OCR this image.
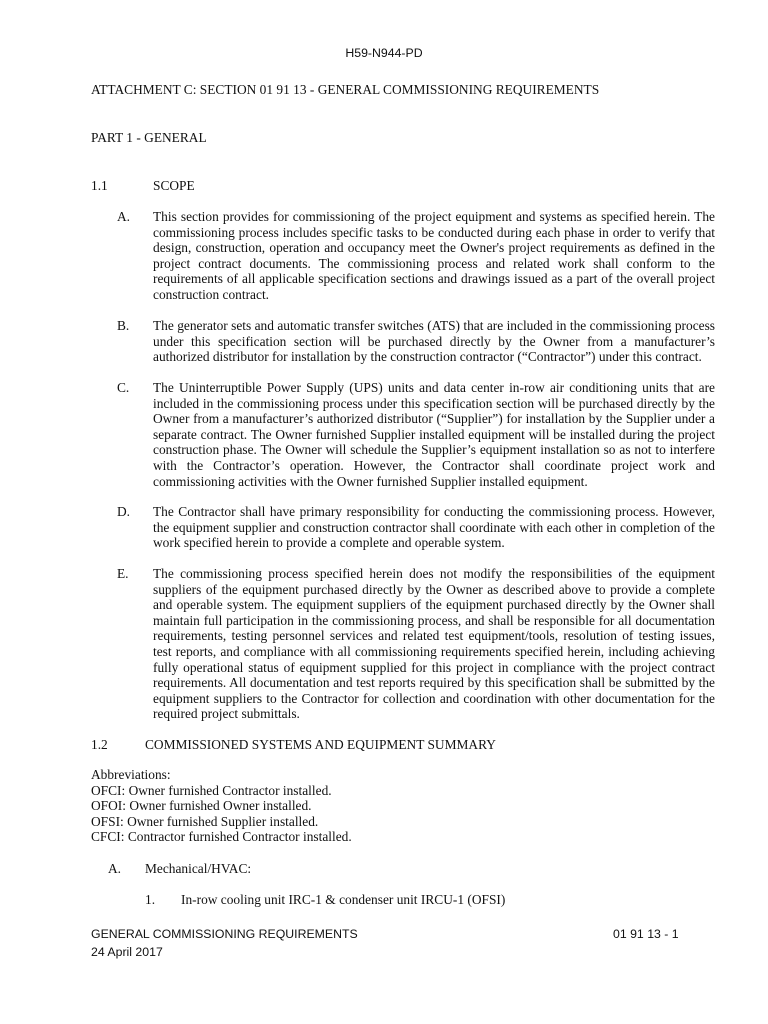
H59-N944-PD
ATTACHMENT C: SECTION 01 91 13 - GENERAL COMMISSIONING REQUIREMENTS
PART 1 - GENERAL
1.1	SCOPE
A. This section provides for commissioning of the project equipment and systems as specified herein. The commissioning process includes specific tasks to be conducted during each phase in order to verify that design, construction, operation and occupancy meet the Owner's project requirements as defined in the project contract documents. The commissioning process and related work shall conform to the requirements of all applicable specification sections and drawings issued as a part of the overall project construction contract.
B. The generator sets and automatic transfer switches (ATS) that are included in the commissioning process under this specification section will be purchased directly by the Owner from a manufacturer’s authorized distributor for installation by the construction contractor (“Contractor”) under this contract.
C. The Uninterruptible Power Supply (UPS) units and data center in-row air conditioning units that are included in the commissioning process under this specification section will be purchased directly by the Owner from a manufacturer’s authorized distributor (“Supplier”) for installation by the Supplier under a separate contract. The Owner furnished Supplier installed equipment will be installed during the project construction phase. The Owner will schedule the Supplier’s equipment installation so as not to interfere with the Contractor’s operation. However, the Contractor shall coordinate project work and commissioning activities with the Owner furnished Supplier installed equipment.
D. The Contractor shall have primary responsibility for conducting the commissioning process. However, the equipment supplier and construction contractor shall coordinate with each other in completion of the work specified herein to provide a complete and operable system.
E. The commissioning process specified herein does not modify the responsibilities of the equipment suppliers of the equipment purchased directly by the Owner as described above to provide a complete and operable system. The equipment suppliers of the equipment purchased directly by the Owner shall maintain full participation in the commissioning process, and shall be responsible for all documentation requirements, testing personnel services and related test equipment/tools, resolution of testing issues, test reports, and compliance with all commissioning requirements specified herein, including achieving fully operational status of equipment supplied for this project in compliance with the project contract requirements. All documentation and test reports required by this specification shall be submitted by the equipment suppliers to the Contractor for collection and coordination with other documentation for the required project submittals.
1.2	COMMISSIONED SYSTEMS AND EQUIPMENT SUMMARY
Abbreviations:
OFCI: Owner furnished Contractor installed.
OFOI: Owner furnished Owner installed.
OFSI: Owner furnished Supplier installed.
CFCI: Contractor furnished Contractor installed.
A. Mechanical/HVAC:
1. In-row cooling unit IRC-1 & condenser unit IRCU-1 (OFSI)
GENERAL COMMISSIONING REQUIREMENTS
24 April 2017
01 91 13 - 1
